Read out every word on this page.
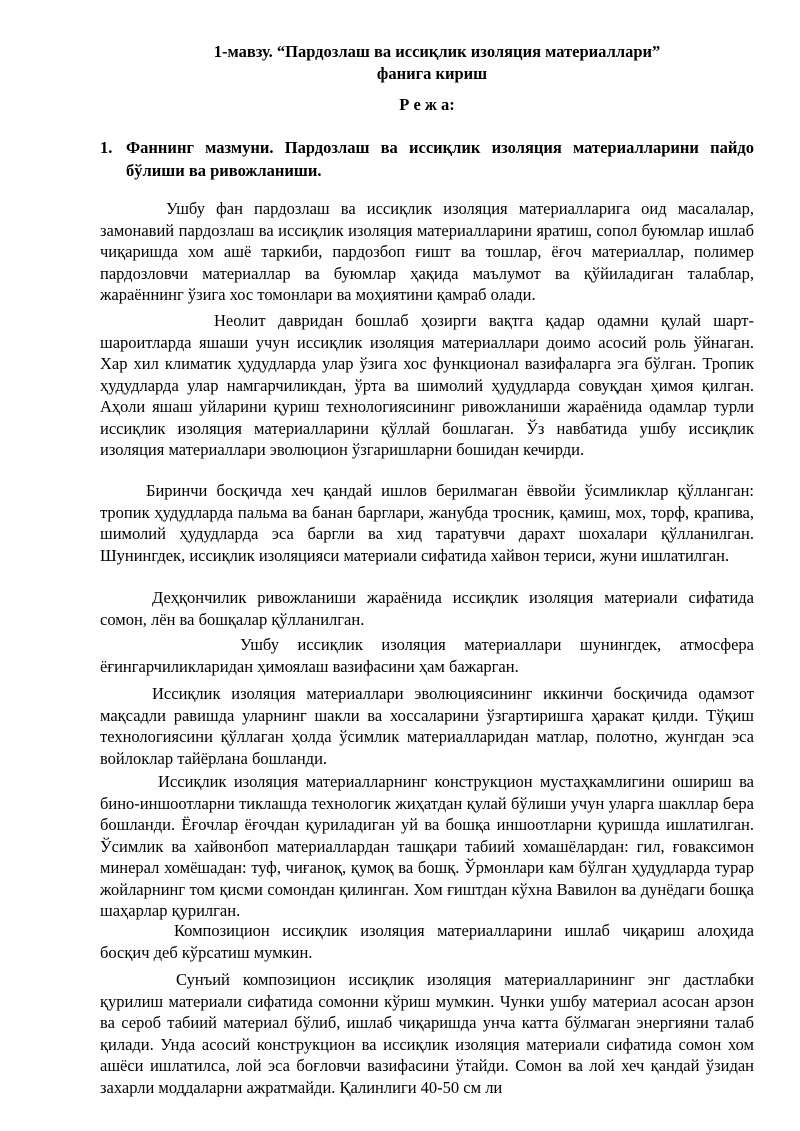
1-мавзу. “Пардозлаш ва иссиқлик изоляция материаллари”

фанига кириш

Р е ж а:

1. Фаннинг мазмуни. Пардозлаш ва иссиқлик изоляция материалларини пайдо бўлиши ва ривожланиши.

Ушбу фан пардозлаш ва иссиқлик изоляция материалларига оид масалалар, замонавий пардозлаш ва иссиқлик изоляция материалларини яратиш, сопол буюмлар ишлаб чиқаришда хом ашё таркиби, пардозбоп ғишт ва тошлар, ёғоч материаллар, полимер пардозловчи материаллар ва буюмлар ҳақида маълумот ва қўйиладиган талаблар, жараённинг ўзига хос томонлари ва моҳиятини қамраб олади.

Неолит давридан бошлаб ҳозирги вақтга қадар одамни қулай шарт-шароитларда яшаши учун иссиқлик изоляция материаллари доимо асосий роль ўйнаган. Хар хил климатик ҳудудларда улар ўзига хос функционал вазифаларга эга бўлган. Тропик ҳудудларда улар намгарчиликдан, ўрта ва шимолий ҳудудларда совуқдан ҳимоя қилган. Аҳоли яшаш уйларини қуриш технологиясининг ривожланиши жараёнида одамлар турли иссиқлик изоляция материалларини қўллай бошлаган. Ўз навбатида ушбу иссиқлик изоляция материаллари эволюцион ўзгаришларни бошидан кечирди.

Биринчи босқичда хеч қандай ишлов берилмаган ёввойи ўсимликлар қўлланган: тропик ҳудудларда пальма ва банан барглари, жанубда тросник, қамиш, мох, торф, крапива, шимолий ҳудудларда эса баргли ва хид таратувчи дарахт шохалари қўлланилган. Шунингдек, иссиқлик изоляцияси материали сифатида хайвон териси, жуни ишлатилган.

Деҳқончилик ривожланиши жараёнида иссиқлик изоляция материали сифатида сомон, лён ва бошқалар қўлланилган.

Ушбу иссиқлик изоляция материаллари шунингдек, атмосфера ёғингарчиликларидан ҳимоялаш вазифасини ҳам бажарган.

Иссиқлик изоляция материаллари эволюциясининг иккинчи босқичида одамзот мақсадли равишда уларнинг шакли ва хоссаларини ўзгартиришга ҳаракат қилди. Тўқиш технологиясини қўллаган ҳолда ўсимлик материалларидан матлар, полотно, жунгдан эса войлоклар тайёрлана бошланди.

Иссиқлик изоляция материалларнинг конструкцион мустаҳкамлигини ошириш ва бино-иншоотларни тиклашда технологик жиҳатдан қулай бўлиши учун уларга шакллар бера бошланди. Ёғочлар ёғочдан қуриладиган уй ва бошқа иншоотларни қуришда ишлатилган. Ўсимлик ва хайвонбоп материаллардан ташқари табиий хомашёлардан: гил, ғовaксимон минерал хомёшадан: туф, чиғаноқ, қумоқ ва бошқ. Ўрмонлари кам бўлган ҳудудларда турар жойларнинг том қисми сомондан қилинган. Хом ғиштдан кўхна Вавилон ва дунёдаги бошқа шаҳарлар қурилган.

Композицион иссиқлик изоляция материалларини ишлаб чиқариш алоҳида босқич деб кўрсатиш мумкин.

Сунъий композицион иссиқлик изоляция материалларининг энг дастлабки қурилиш материали сифатида сомонни кўриш мумкин. Чунки ушбу материал асосан арзон ва сероб табиий материал бўлиб, ишлаб чиқаришда унча катта бўлмаган энергияни талаб қилади. Унда асосий конструкцион ва иссиқлик изоляция материали сифатида сомон хом ашёси ишлатилса, лой эса боғловчи вазифасини ўтайди. Сомон ва лой хеч қандай ўзидан захарли моддаларни ажратмайди. Қалинлиги 40-50 см ли
